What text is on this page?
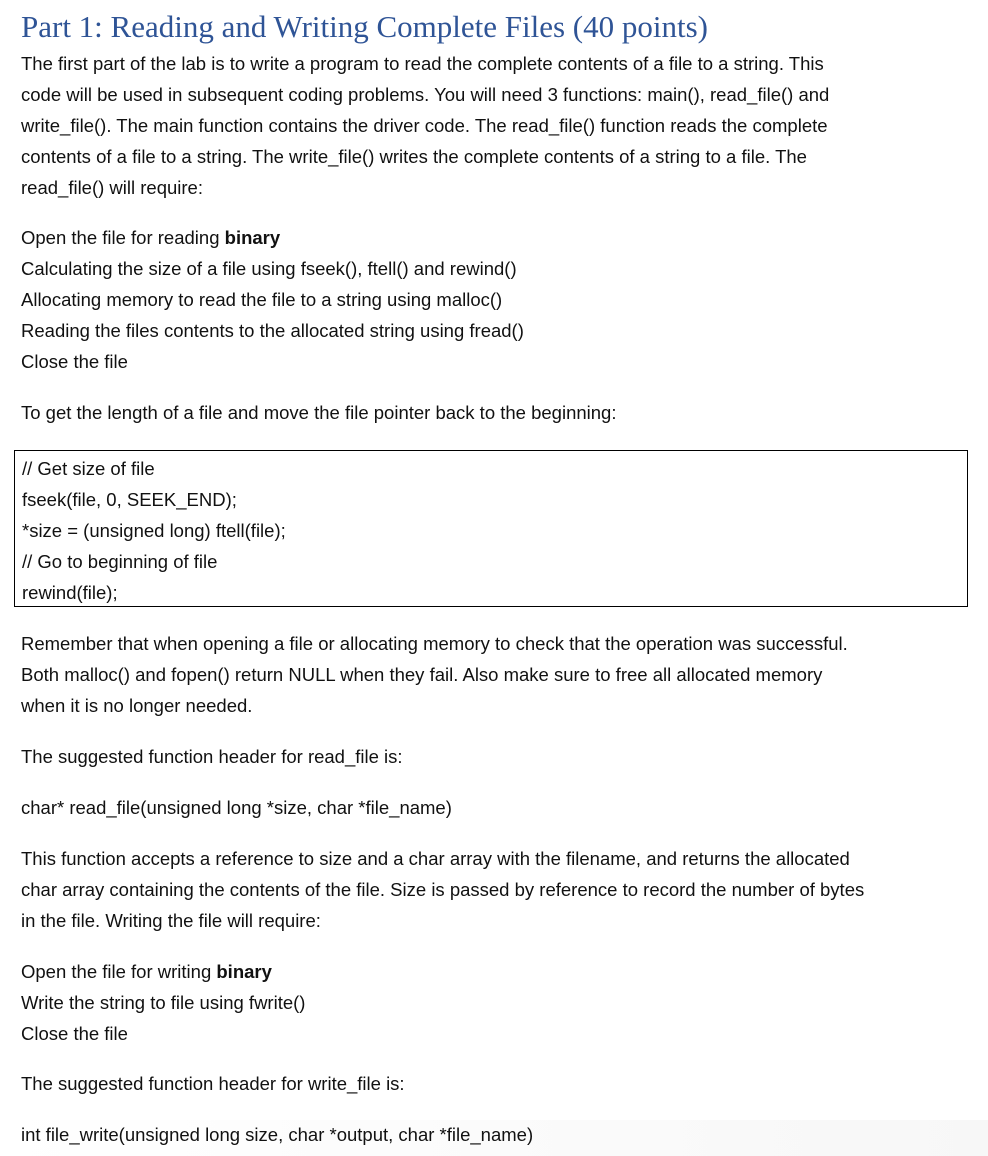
Part 1: Reading and Writing Complete Files (40 points)
The first part of the lab is to write a program to read the complete contents of a file to a string. This
code will be used in subsequent coding problems. You will need 3 functions: main(), read_file() and
write_file(). The main function contains the driver code. The read_file() function reads the complete
contents of a file to a string. The write_file() writes the complete contents of a string to a file. The
read_file() will require:
Open the file for reading binary
Calculating the size of a file using fseek(), ftell() and rewind()
Allocating memory to read the file to a string using malloc()
Reading the files contents to the allocated string using fread()
Close the file
To get the length of a file and move the file pointer back to the beginning:
// Get size of file
fseek(file, 0, SEEK_END);
*size = (unsigned long) ftell(file);
// Go to beginning of file
rewind(file);
Remember that when opening a file or allocating memory to check that the operation was successful.
Both malloc() and fopen() return NULL when they fail. Also make sure to free all allocated memory
when it is no longer needed.
The suggested function header for read_file is:
char* read_file(unsigned long *size, char *file_name)
This function accepts a reference to size and a char array with the filename, and returns the allocated
char array containing the contents of the file. Size is passed by reference to record the number of bytes
in the file. Writing the file will require:
Open the file for writing binary
Write the string to file using fwrite()
Close the file
The suggested function header for write_file is:
int file_write(unsigned long size, char *output, char *file_name)
